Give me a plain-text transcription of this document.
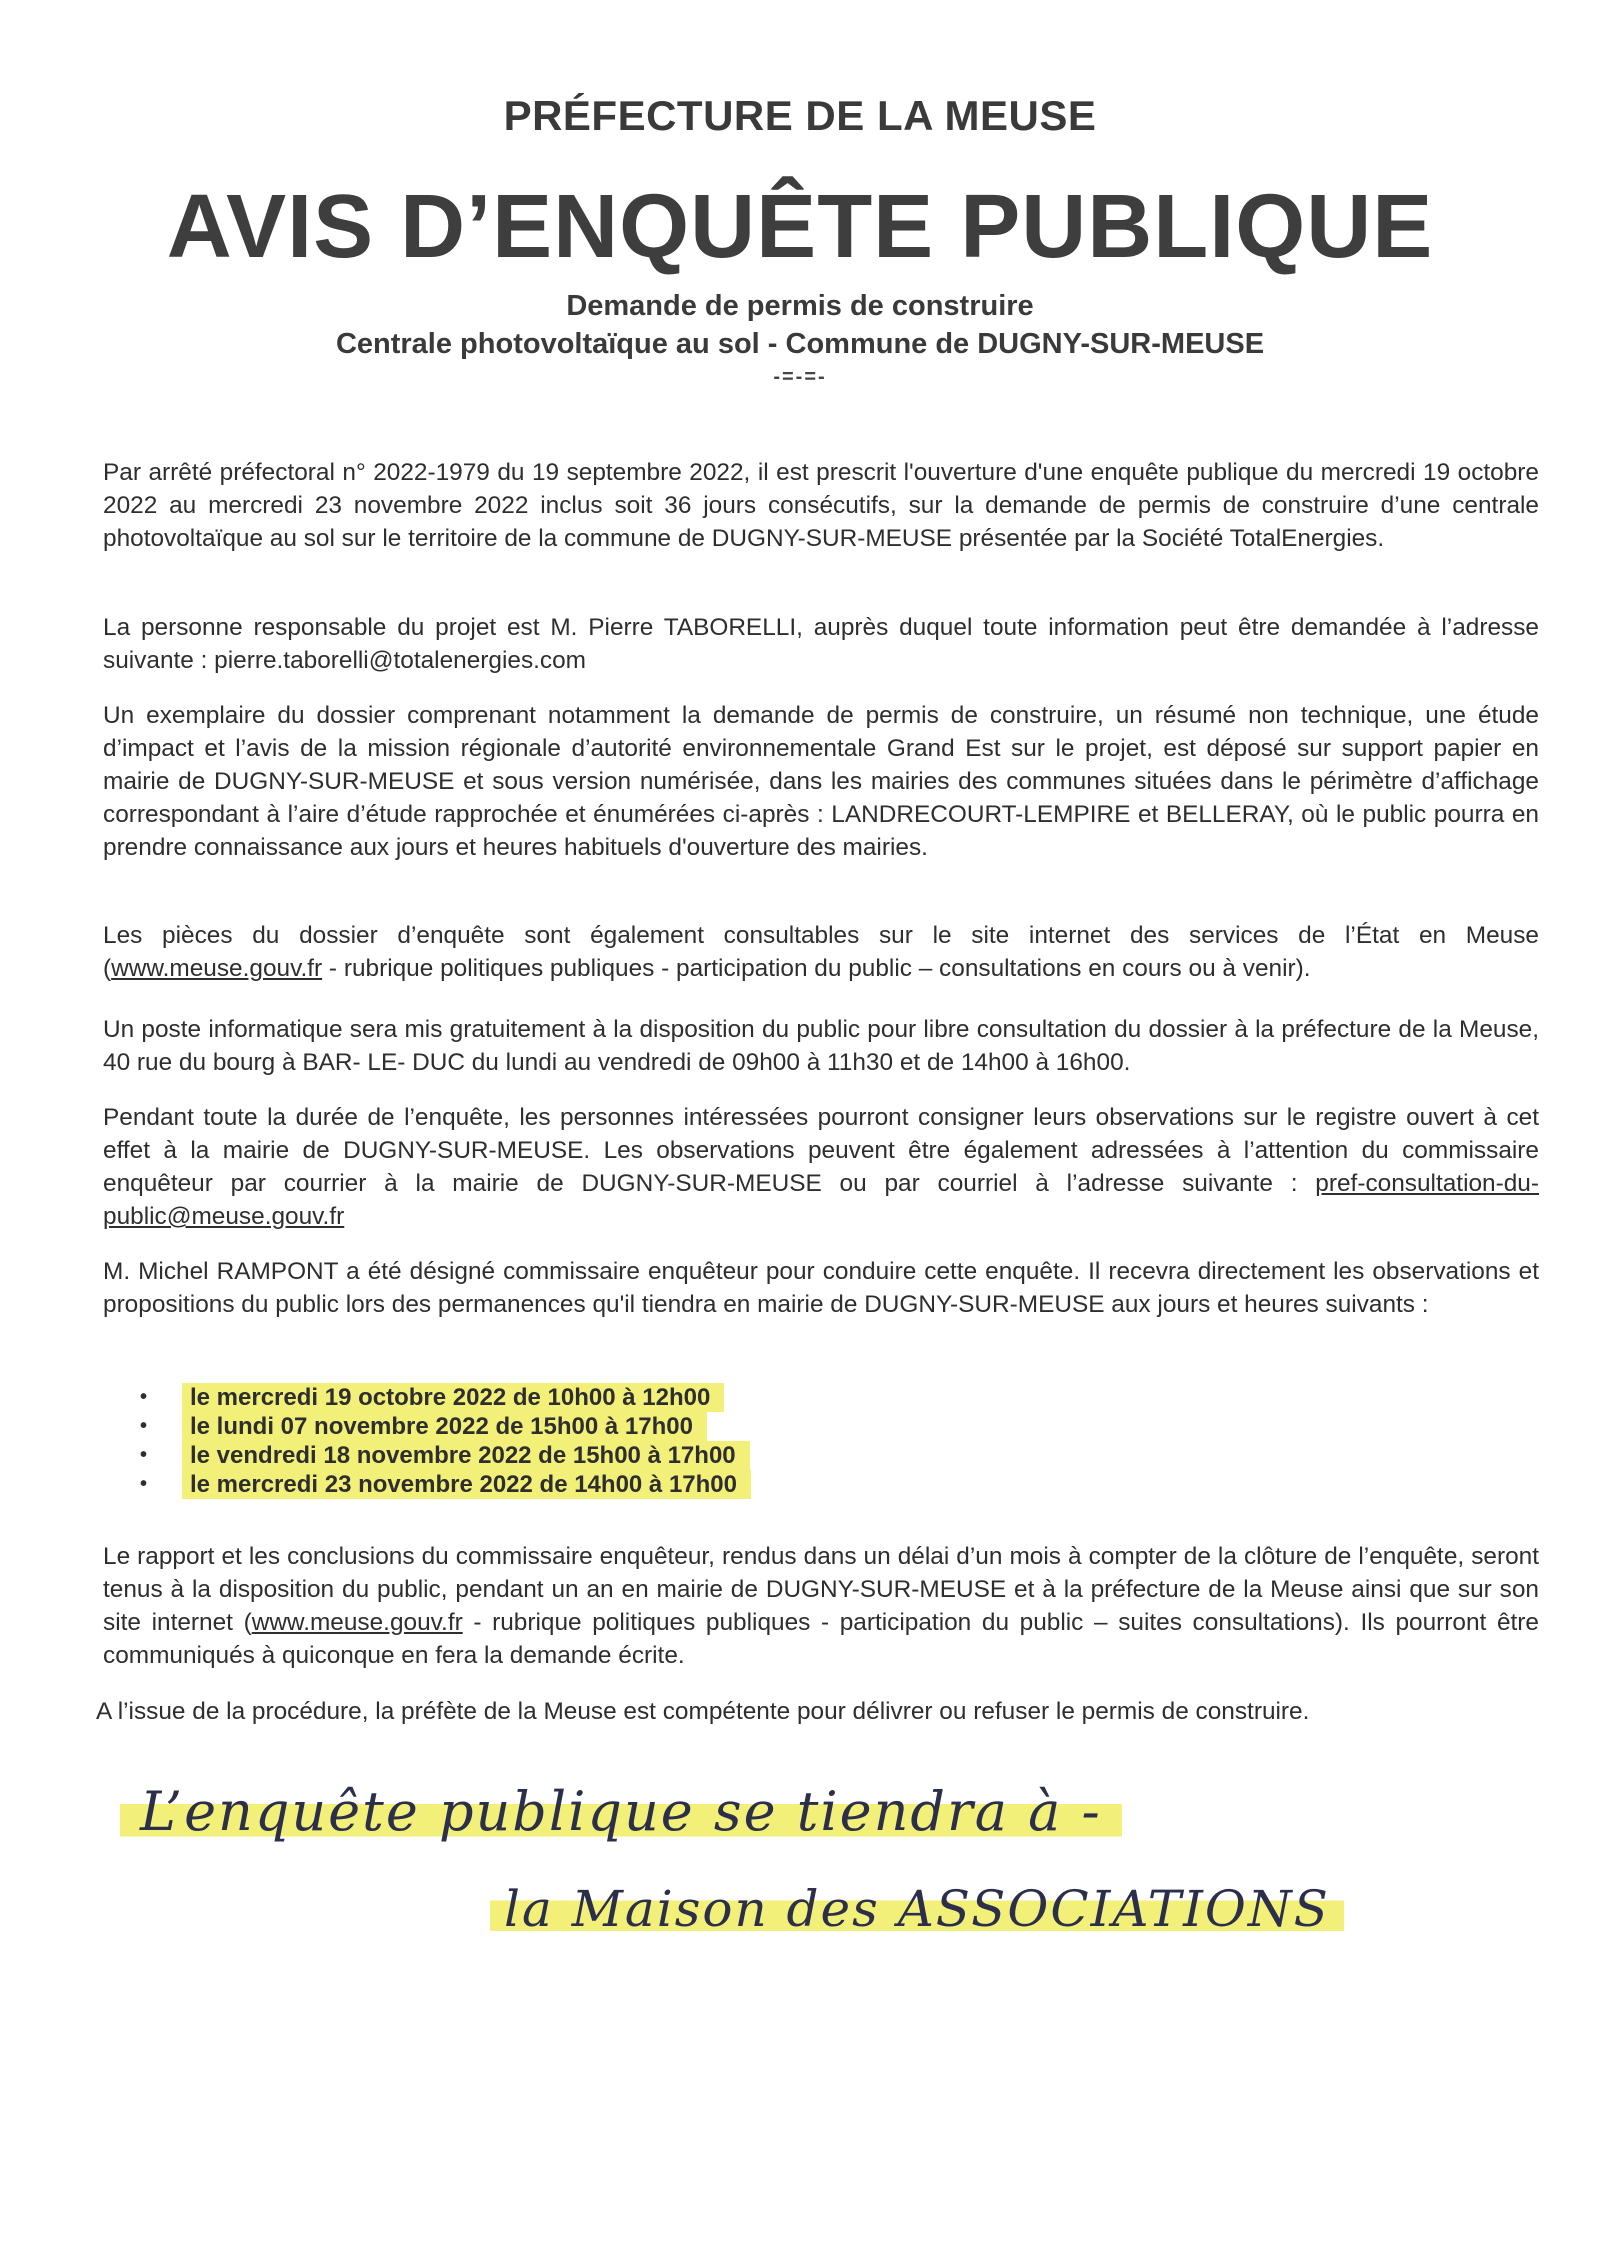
PRÉFECTURE DE LA MEUSE
AVIS D’ENQUÊTE PUBLIQUE
Demande de permis de construire
Centrale photovoltaïque au sol - Commune de DUGNY-SUR-MEUSE
-=-=-
Par arrêté préfectoral n° 2022-1979 du 19 septembre 2022, il est prescrit l'ouverture d'une enquête publique du mercredi 19 octobre 2022 au mercredi 23 novembre 2022 inclus soit 36 jours consécutifs, sur la demande de permis de construire d’une centrale photovoltaïque au sol sur le territoire de la commune de DUGNY-SUR-MEUSE présentée par la Société TotalEnergies.
La personne responsable du projet est M. Pierre TABORELLI, auprès duquel toute information peut être demandée à l’adresse suivante : pierre.taborelli@totalenergies.com
Un exemplaire du dossier comprenant notamment la demande de permis de construire, un résumé non technique, une étude d’impact et l’avis de la mission régionale d’autorité environnementale Grand Est sur le projet, est déposé sur support papier en mairie de DUGNY-SUR-MEUSE et sous version numérisée, dans les mairies des communes situées dans le périmètre d’affichage correspondant à l’aire d’étude rapprochée et énumérées ci-après : LANDRECOURT-LEMPIRE et BELLERAY, où le public pourra en prendre connaissance aux jours et heures habituels d'ouverture des mairies.
Les pièces du dossier d’enquête sont également consultables sur le site internet des services de l’État en Meuse (www.meuse.gouv.fr - rubrique politiques publiques - participation du public – consultations en cours ou à venir).
Un poste informatique sera mis gratuitement à la disposition du public pour libre consultation du dossier à la préfecture de la Meuse, 40 rue du bourg à BAR- LE- DUC du lundi au vendredi de 09h00 à 11h30 et de 14h00 à 16h00.
Pendant toute la durée de l’enquête, les personnes intéressées pourront consigner leurs observations sur le registre ouvert à cet effet à la mairie de DUGNY-SUR-MEUSE. Les observations peuvent être également adressées à l’attention du commissaire enquêteur par courrier à la mairie de DUGNY-SUR-MEUSE ou par courriel à l’adresse suivante : pref-consultation-du-public@meuse.gouv.fr
M. Michel RAMPONT a été désigné commissaire enquêteur pour conduire cette enquête. Il recevra directement les observations et propositions du public lors des permanences qu'il tiendra en mairie de DUGNY-SUR-MEUSE aux jours et heures suivants :
•	le mercredi 19 octobre 2022 de 10h00 à 12h00
•	le lundi 07 novembre 2022 de 15h00 à 17h00
•	le vendredi 18 novembre 2022 de 15h00 à 17h00
•	le mercredi 23 novembre 2022 de 14h00 à 17h00
Le rapport et les conclusions du commissaire enquêteur, rendus dans un délai d’un mois à compter de la clôture de l’enquête, seront tenus à la disposition du public, pendant un an en mairie de DUGNY-SUR-MEUSE et à la préfecture de la Meuse ainsi que sur son site internet (www.meuse.gouv.fr - rubrique politiques publiques - participation du public – suites consultations). Ils pourront être communiqués à quiconque en fera la demande écrite.
A l’issue de la procédure, la préfète de la Meuse est compétente pour délivrer ou refuser le permis de construire.
L’enquête publique se tiendra à -
la Maison des ASSOCIATIONS
